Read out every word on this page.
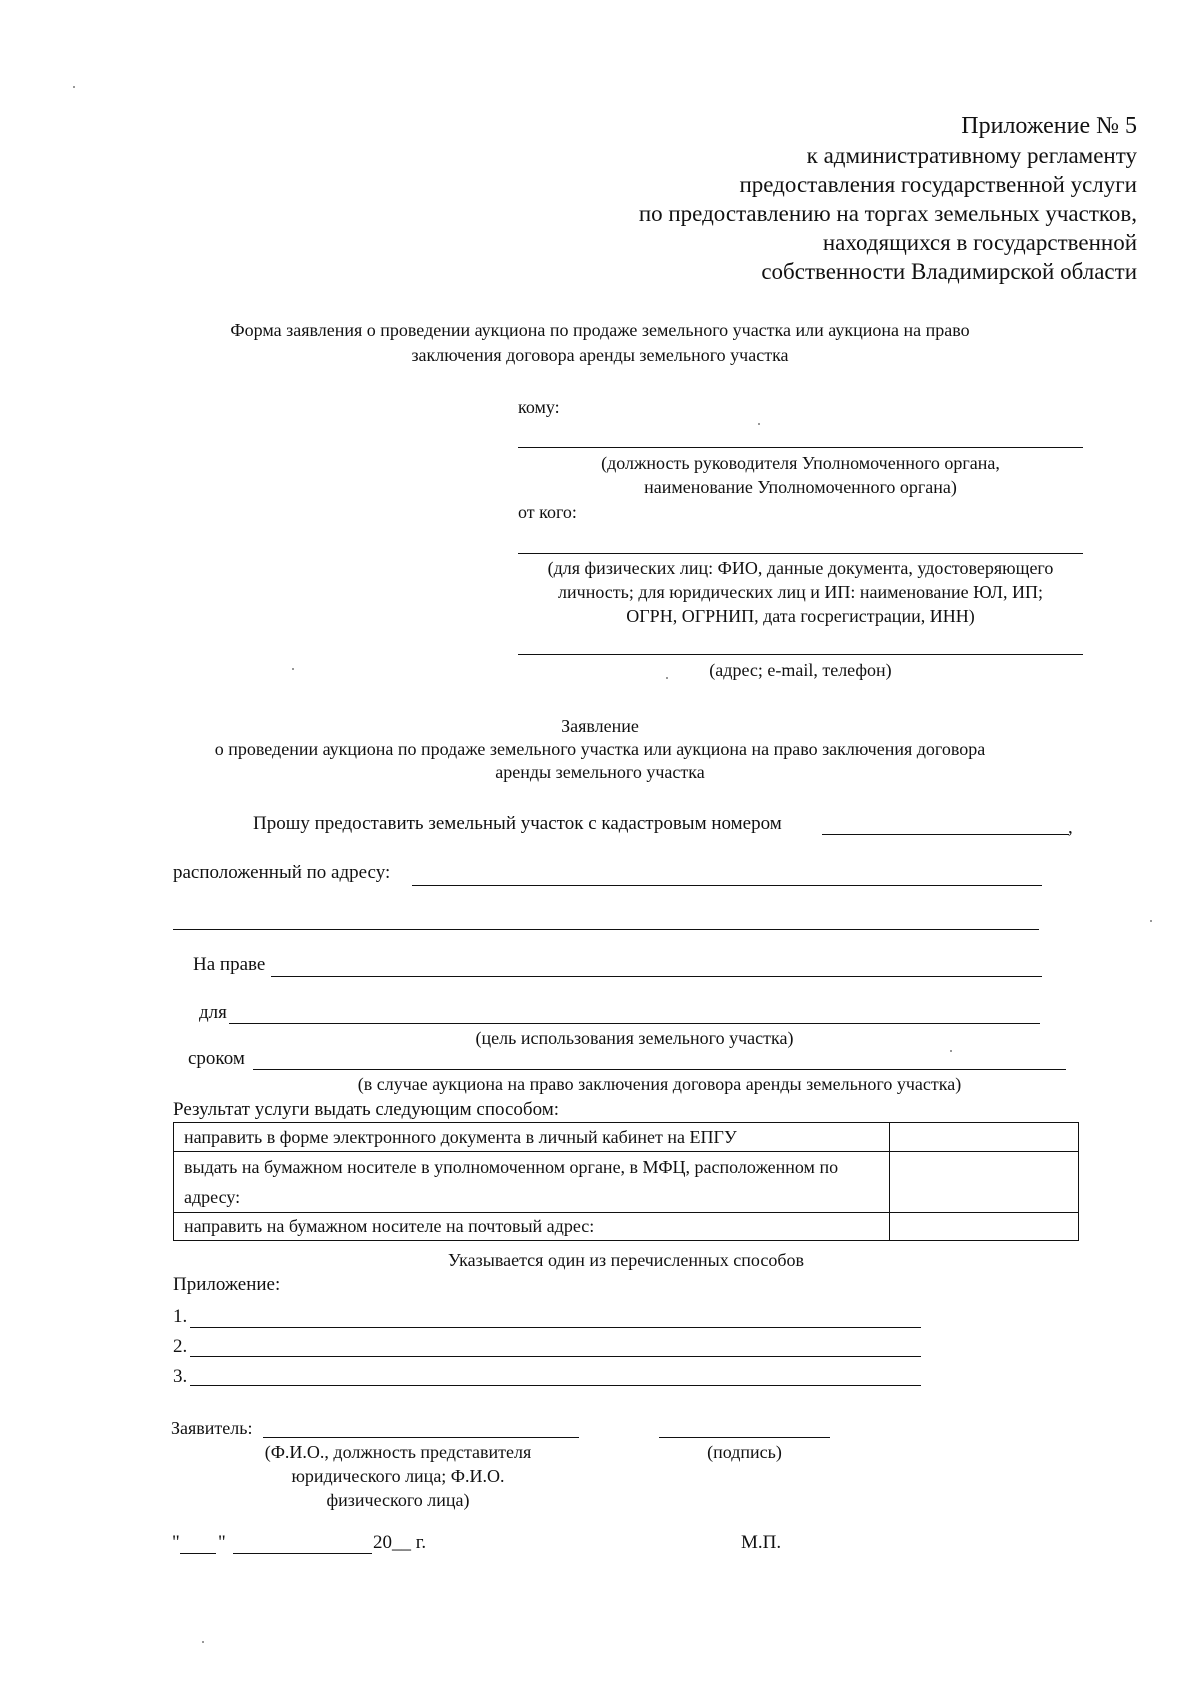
Приложение № 5
к административному регламенту
предоставления государственной услуги
по предоставлению на торгах земельных участков,
находящихся в государственной
собственности Владимирской области
Форма заявления о проведении аукциона по продаже земельного участка или аукциона на право
заключения договора аренды земельного участка
кому:
(должность руководителя Уполномоченного органа,
наименование Уполномоченного органа)
от кого:
(для физических лиц: ФИО, данные документа, удостоверяющего
личность; для юридических лиц и ИП: наименование ЮЛ, ИП;
ОГРН, ОГРНИП, дата госрегистрации, ИНН)
(адрес; e-mail, телефон)
Заявление
о проведении аукциона по продаже земельного участка или аукциона на право заключения договора
аренды земельного участка
Прошу предоставить земельный участок с кадастровым номером	,
расположенный по адресу:
На праве
для
(цель использования земельного участка)
сроком
(в случае аукциона на право заключения договора аренды земельного участка)
Результат услуги выдать следующим способом:
направить в форме электронного документа в личный кабинет на ЕПГУ	
выдать на бумажном носителе в уполномоченном органе, в МФЦ, расположенном по адресу:	
направить на бумажном носителе на почтовый адрес:	
Указывается один из перечисленных способов
Приложение:
1.
2.
3.
Заявитель:
(Ф.И.О., должность представителя
юридического лица; Ф.И.О.
физического лица)
(подпись)
" "	20__ г.	М.П.
